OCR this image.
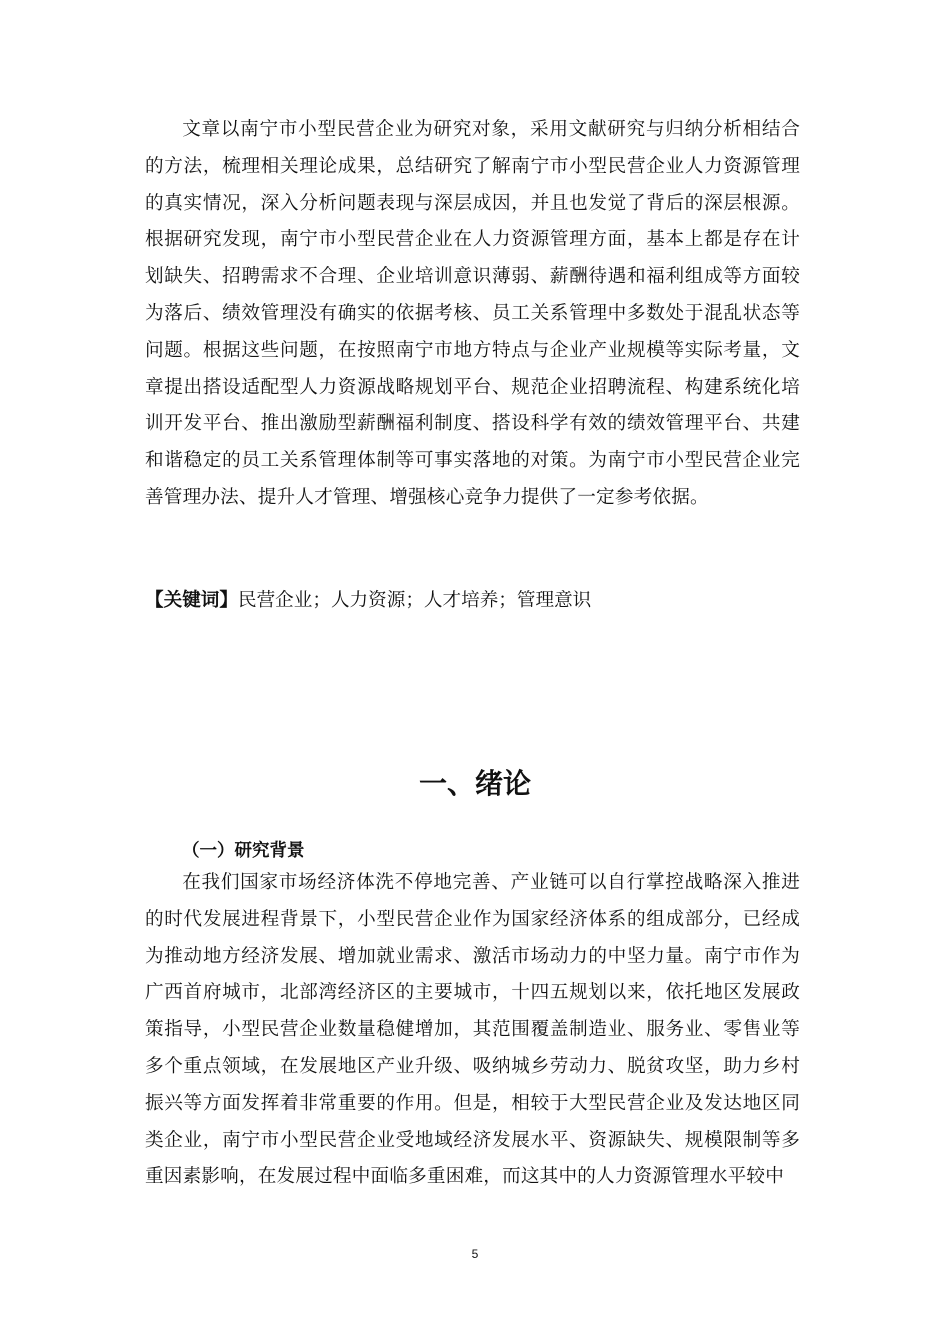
文章以南宁市小型民营企业为研究对象，采用文献研究与归纳分析相结合的方法，梳理相关理论成果，总结研究了解南宁市小型民营企业人力资源管理的真实情况，深入分析问题表现与深层成因，并且也发觉了背后的深层根源。根据研究发现，南宁市小型民营企业在人力资源管理方面，基本上都是存在计划缺失、招聘需求不合理、企业培训意识薄弱、薪酬待遇和福利组成等方面较为落后、绩效管理没有确实的依据考核、员工关系管理中多数处于混乱状态等问题。根据这些问题，在按照南宁市地方特点与企业产业规模等实际考量，文章提出搭设适配型人力资源战略规划平台、规范企业招聘流程、构建系统化培训开发平台、推出激励型薪酬福利制度、搭设科学有效的绩效管理平台、共建和谐稳定的员工关系管理体制等可事实落地的对策。为南宁市小型民营企业完善管理办法、提升人才管理、增强核心竞争力提供了一定参考依据。

【关键词】民营企业；人力资源；人才培养；管理意识
一、绪论
（一）研究背景

在我们国家市场经济体洗不停地完善、产业链可以自行掌控战略深入推进的时代发展进程背景下，小型民营企业作为国家经济体系的组成部分，已经成为推动地方经济发展、增加就业需求、激活市场动力的中坚力量。南宁市作为广西首府城市，北部湾经济区的主要城市，十四五规划以来，依托地区发展政策指导，小型民营企业数量稳健增加，其范围覆盖制造业、服务业、零售业等多个重点领域，在发展地区产业升级、吸纳城乡劳动力、脱贫攻坚，助力乡村振兴等方面发挥着非常重要的作用。但是，相较于大型民营企业及发达地区同类企业，南宁市小型民营企业受地域经济发展水平、资源缺失、规模限制等多重因素影响，在发展过程中面临多重困难，而这其中的人力资源管理水平较中

5
